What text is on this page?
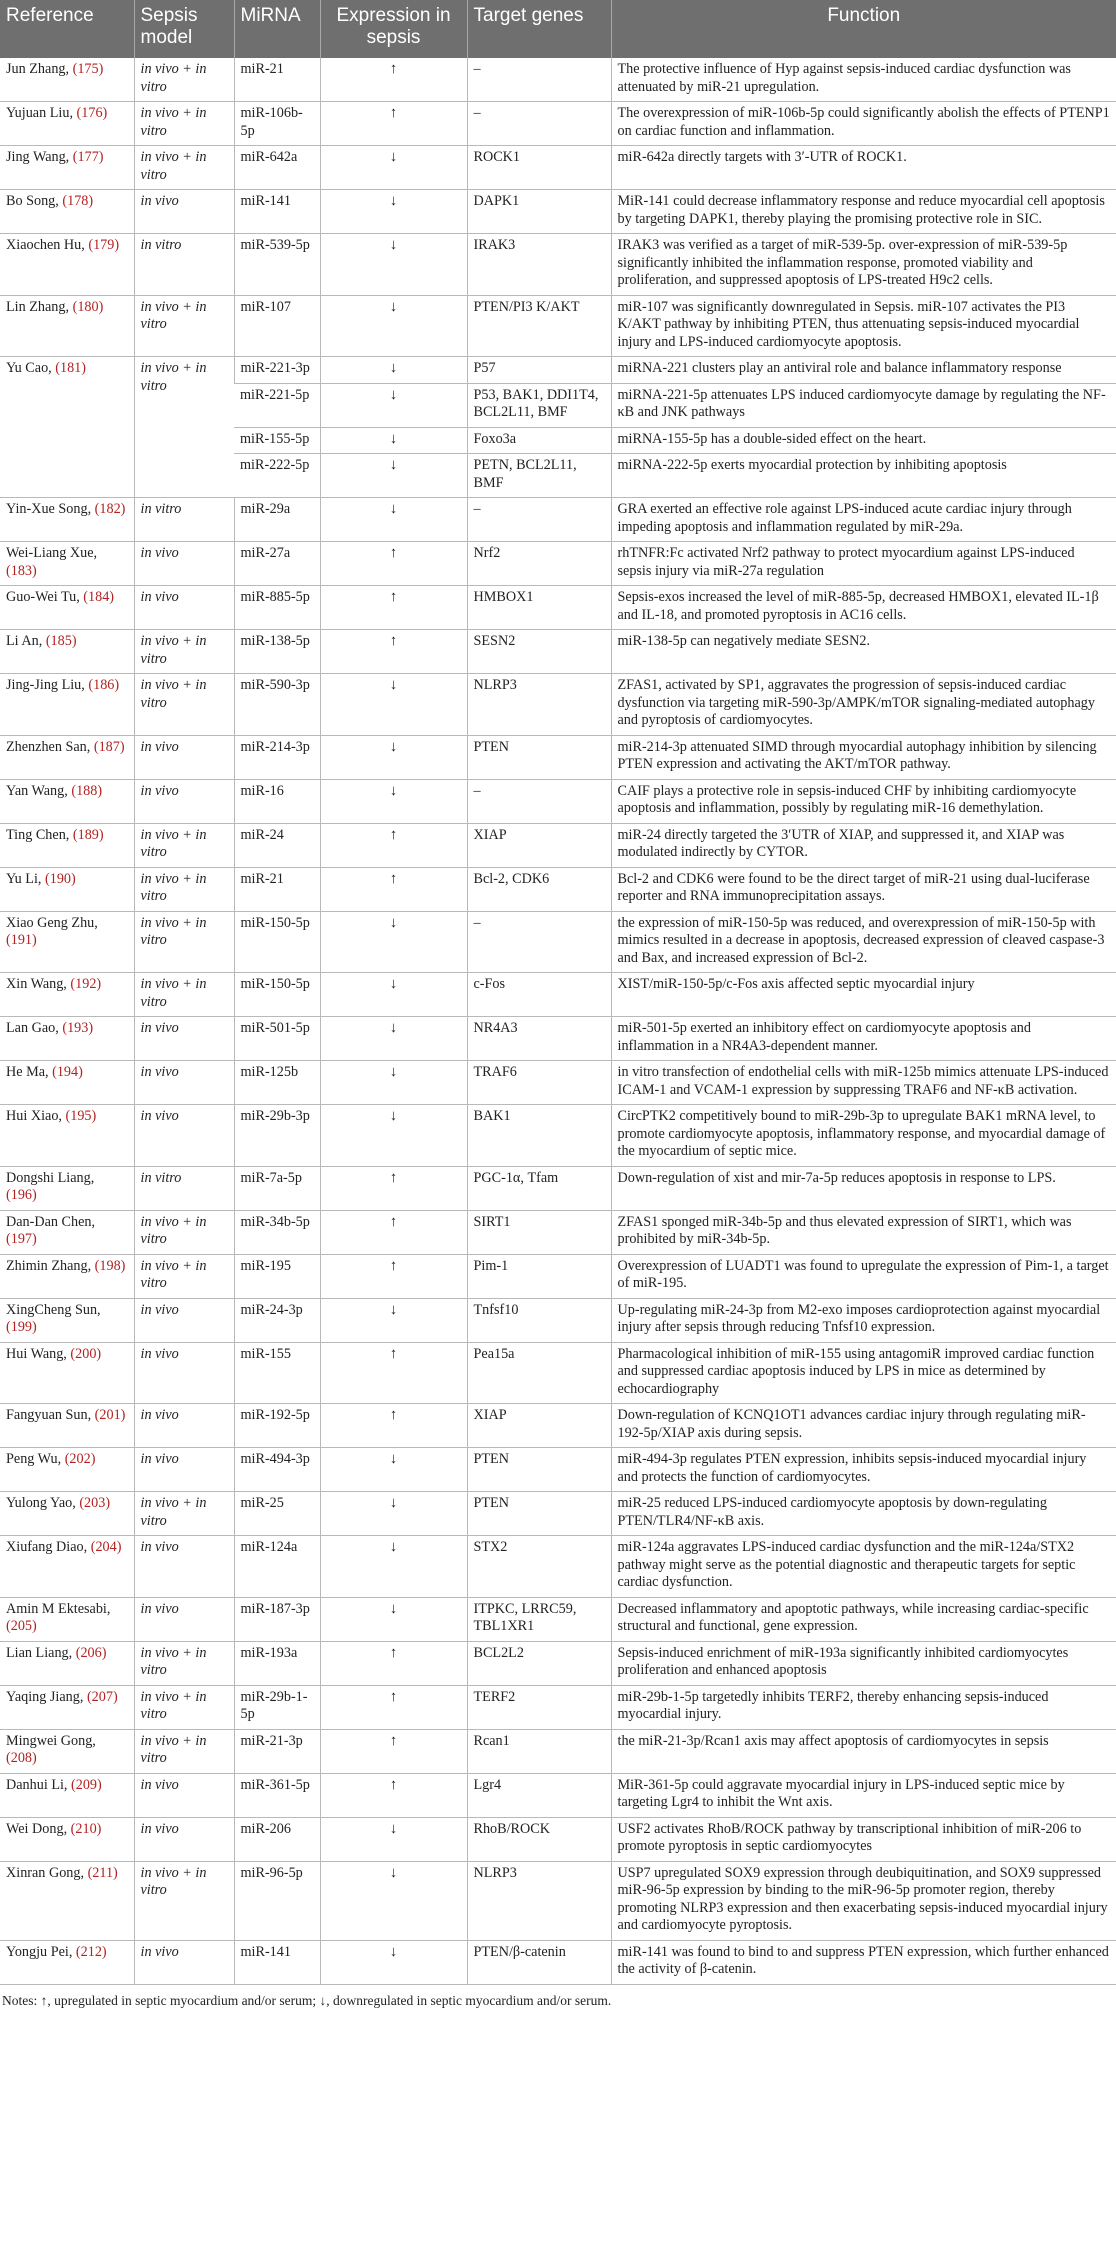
Reference	Sepsis model	MiRNA	Expression in sepsis	Target genes	Function
Jun Zhang, (175)	in vivo + in vitro	miR-21	↑	–	The protective influence of Hyp against sepsis-induced cardiac dysfunction was attenuated by miR-21 upregulation.
Yujuan Liu, (176)	in vivo + in vitro	miR-106b-5p	↑	–	The overexpression of miR-106b-5p could significantly abolish the effects of PTENP1 on cardiac function and inflammation.
Jing Wang, (177)	in vivo + in vitro	miR-642a	↓	ROCK1	miR-642a directly targets with 3′-UTR of ROCK1.
Bo Song, (178)	in vivo	miR-141	↓	DAPK1	MiR-141 could decrease inflammatory response and reduce myocardial cell apoptosis by targeting DAPK1, thereby playing the promising protective role in SIC.
Xiaochen Hu, (179)	in vitro	miR-539-5p	↓	IRAK3	IRAK3 was verified as a target of miR-539-5p. over-expression of miR-539-5p significantly inhibited the inflammation response, promoted viability and proliferation, and suppressed apoptosis of LPS-treated H9c2 cells.
Lin Zhang, (180)	in vivo + in vitro	miR-107	↓	PTEN/PI3 K/AKT	miR-107 was significantly downregulated in Sepsis. miR-107 activates the PI3 K/AKT pathway by inhibiting PTEN, thus attenuating sepsis-induced myocardial injury and LPS-induced cardiomyocyte apoptosis.
Yu Cao, (181)	in vivo + in vitro	miR-221-3p	↓	P57	miRNA-221 clusters play an antiviral role and balance inflammatory response
		miR-221-5p	↓	P53, BAK1, DDI1T4, BCL2L11, BMF	miRNA-221-5p attenuates LPS induced cardiomyocyte damage by regulating the NF-κB and JNK pathways
		miR-155-5p	↓	Foxo3a	miRNA-155-5p has a double-sided effect on the heart.
		miR-222-5p	↓	PETN, BCL2L11, BMF	miRNA-222-5p exerts myocardial protection by inhibiting apoptosis
Yin-Xue Song, (182)	in vitro	miR-29a	↓	–	GRA exerted an effective role against LPS-induced acute cardiac injury through impeding apoptosis and inflammation regulated by miR-29a.
Wei-Liang Xue, (183)	in vivo	miR-27a	↑	Nrf2	rhTNFR:Fc activated Nrf2 pathway to protect myocardium against LPS-induced sepsis injury via miR-27a regulation
Guo-Wei Tu, (184)	in vivo	miR-885-5p	↑	HMBOX1	Sepsis-exos increased the level of miR-885-5p, decreased HMBOX1, elevated IL-1β and IL-18, and promoted pyroptosis in AC16 cells.
Li An, (185)	in vivo + in vitro	miR-138-5p	↑	SESN2	miR-138-5p can negatively mediate SESN2.
Jing-Jing Liu, (186)	in vivo + in vitro	miR-590-3p	↓	NLRP3	ZFAS1, activated by SP1, aggravates the progression of sepsis-induced cardiac dysfunction via targeting miR-590-3p/AMPK/mTOR signaling-mediated autophagy and pyroptosis of cardiomyocytes.
Zhenzhen San, (187)	in vivo	miR-214-3p	↓	PTEN	miR-214-3p attenuated SIMD through myocardial autophagy inhibition by silencing PTEN expression and activating the AKT/mTOR pathway.
Yan Wang, (188)	in vivo	miR-16	↓	–	CAIF plays a protective role in sepsis-induced CHF by inhibiting cardiomyocyte apoptosis and inflammation, possibly by regulating miR-16 demethylation.
Ting Chen, (189)	in vivo + in vitro	miR-24	↑	XIAP	miR-24 directly targeted the 3′UTR of XIAP, and suppressed it, and XIAP was modulated indirectly by CYTOR.
Yu Li, (190)	in vivo + in vitro	miR-21	↑	Bcl-2, CDK6	Bcl-2 and CDK6 were found to be the direct target of miR-21 using dual-luciferase reporter and RNA immunoprecipitation assays.
Xiao Geng Zhu, (191)	in vivo + in vitro	miR-150-5p	↓	–	the expression of miR-150-5p was reduced, and overexpression of miR-150-5p with mimics resulted in a decrease in apoptosis, decreased expression of cleaved caspase-3 and Bax, and increased expression of Bcl-2.
Xin Wang, (192)	in vivo + in vitro	miR-150-5p	↓	c-Fos	XIST/miR-150-5p/c-Fos axis affected septic myocardial injury
Lan Gao, (193)	in vivo	miR-501-5p	↓	NR4A3	miR-501-5p exerted an inhibitory effect on cardiomyocyte apoptosis and inflammation in a NR4A3-dependent manner.
He Ma, (194)	in vivo	miR-125b	↓	TRAF6	in vitro transfection of endothelial cells with miR-125b mimics attenuate LPS-induced ICAM-1 and VCAM-1 expression by suppressing TRAF6 and NF-κB activation.
Hui Xiao, (195)	in vivo	miR-29b-3p	↓	BAK1	CircPTK2 competitively bound to miR-29b-3p to upregulate BAK1 mRNA level, to promote cardiomyocyte apoptosis, inflammatory response, and myocardial damage of the myocardium of septic mice.
Dongshi Liang, (196)	in vitro	miR-7a-5p	↑	PGC-1α, Tfam	Down-regulation of xist and mir-7a-5p reduces apoptosis in response to LPS.
Dan-Dan Chen, (197)	in vivo + in vitro	miR-34b-5p	↑	SIRT1	ZFAS1 sponged miR-34b-5p and thus elevated expression of SIRT1, which was prohibited by miR-34b-5p.
Zhimin Zhang, (198)	in vivo + in vitro	miR-195	↑	Pim-1	Overexpression of LUADT1 was found to upregulate the expression of Pim-1, a target of miR-195.
XingCheng Sun, (199)	in vivo	miR-24-3p	↓	Tnfsf10	Up-regulating miR-24-3p from M2-exo imposes cardioprotection against myocardial injury after sepsis through reducing Tnfsf10 expression.
Hui Wang, (200)	in vivo	miR-155	↑	Pea15a	Pharmacological inhibition of miR-155 using antagomiR improved cardiac function and suppressed cardiac apoptosis induced by LPS in mice as determined by echocardiography
Fangyuan Sun, (201)	in vivo	miR-192-5p	↑	XIAP	Down-regulation of KCNQ1OT1 advances cardiac injury through regulating miR-192-5p/XIAP axis during sepsis.
Peng Wu, (202)	in vivo	miR-494-3p	↓	PTEN	miR-494-3p regulates PTEN expression, inhibits sepsis-induced myocardial injury and protects the function of cardiomyocytes.
Yulong Yao, (203)	in vivo + in vitro	miR-25	↓	PTEN	miR-25 reduced LPS-induced cardiomyocyte apoptosis by down-regulating PTEN/TLR4/NF-κB axis.
Xiufang Diao, (204)	in vivo	miR-124a	↓	STX2	miR-124a aggravates LPS-induced cardiac dysfunction and the miR-124a/STX2 pathway might serve as the potential diagnostic and therapeutic targets for septic cardiac dysfunction.
Amin M Ektesabi, (205)	in vivo	miR-187-3p	↓	ITPKC, LRRC59, TBL1XR1	Decreased inflammatory and apoptotic pathways, while increasing cardiac-specific structural and functional, gene expression.
Lian Liang, (206)	in vivo + in vitro	miR-193a	↑	BCL2L2	Sepsis-induced enrichment of miR-193a significantly inhibited cardiomyocytes proliferation and enhanced apoptosis
Yaqing Jiang, (207)	in vivo + in vitro	miR-29b-1-5p	↑	TERF2	miR-29b-1-5p targetedly inhibits TERF2, thereby enhancing sepsis-induced myocardial injury.
Mingwei Gong, (208)	in vivo + in vitro	miR-21-3p	↑	Rcan1	the miR-21-3p/Rcan1 axis may affect apoptosis of cardiomyocytes in sepsis
Danhui Li, (209)	in vivo	miR-361-5p	↑	Lgr4	MiR-361-5p could aggravate myocardial injury in LPS-induced septic mice by targeting Lgr4 to inhibit the Wnt axis.
Wei Dong, (210)	in vivo	miR-206	↓	RhoB/ROCK	USF2 activates RhoB/ROCK pathway by transcriptional inhibition of miR-206 to promote pyroptosis in septic cardiomyocytes
Xinran Gong, (211)	in vivo + in vitro	miR-96-5p	↓	NLRP3	USP7 upregulated SOX9 expression through deubiquitination, and SOX9 suppressed miR-96-5p expression by binding to the miR-96-5p promoter region, thereby promoting NLRP3 expression and then exacerbating sepsis-induced myocardial injury and cardiomyocyte pyroptosis.
Yongju Pei, (212)	in vivo	miR-141	↓	PTEN/β-catenin	miR-141 was found to bind to and suppress PTEN expression, which further enhanced the activity of β-catenin.
Notes: ↑, upregulated in septic myocardium and/or serum; ↓, downregulated in septic myocardium and/or serum.
